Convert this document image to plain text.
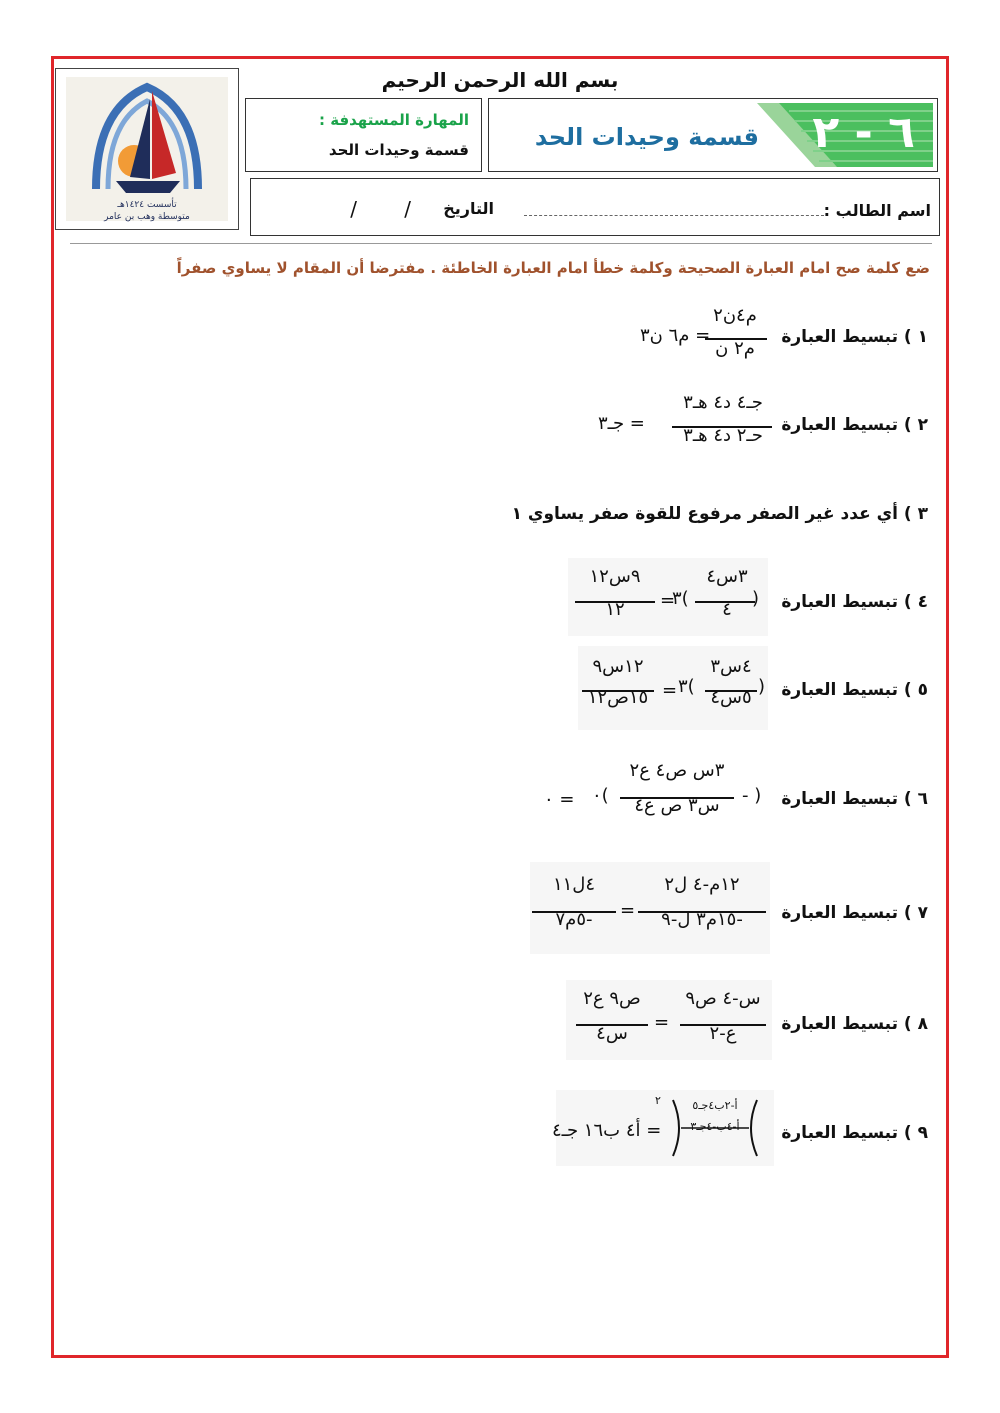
تأسست ١٤٢٤هـ
متوسطة وهب بن عامر
بسم الله الرحمن الرحيم
المهارة المستهدفة :
قسمة وحيدات الحد	٦ - ٢
قسمة وحيدات الحد
اسم الطالب :
التاريخ
/
/
ضع كلمة صح امام العبارة الصحيحة وكلمة خطأ امام العبارة الخاطئة . مفترضا أن المقام لا يساوي صفراً
١ ) تبسيط العبارة
م٤ن٢
م٢ ن
= م٦ ن٣
٢ ) تبسيط العبارة
جـ٤ د٤ هـ٣
حـ٢ د٤ هـ٣
= جـ٣
٣ ) أي عدد غير الصفر مرفوع للقوة صفر يساوي ١
٤ ) تبسيط العبارة
(
٣س٤
٤
)٣
=
٩س١٢
١٢
٥ ) تبسيط العبارة
(
٤س٣
٥س٤
)٣
=
١٢س٩
١٥ص١٢
٦ ) تبسيط العبارة
( -
٣س ص٤ ع٢
س٣ ص ع٤
)٠
= ٠
٧ ) تبسيط العبارة
١٢م-٤ ل٢
-١٥م٣ ل-٩
=
٤ل١١
-٥م٧
٨ ) تبسيط العبارة
س-٤ ص٩
ع-٢
=
ص٩ ع٢
س٤
٩ ) تبسيط العبارة
أ-٢ب٤جـ٥
أ-٤ب-٤جـ٣
٢
= أ٤ ب١٦ جـ٤
